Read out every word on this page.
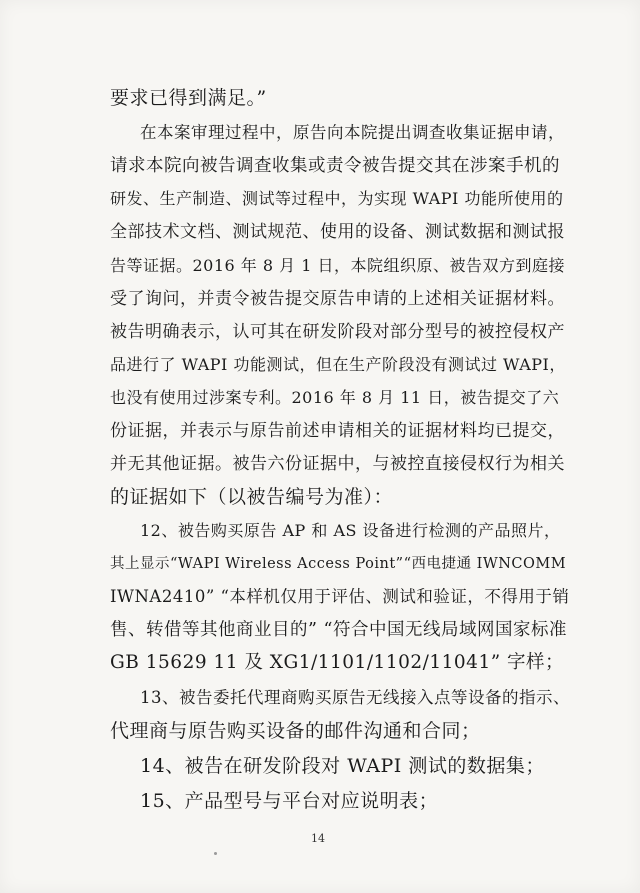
要求已得到满足。”
在本案审理过程中，原告向本院提出调查收集证据申请，
请求本院向被告调查收集或责令被告提交其在涉案手机的
研发、生产制造、测试等过程中，为实现 WAPI 功能所使用的
全部技术文档、测试规范、使用的设备、测试数据和测试报
告等证据。2016 年 8 月 1 日，本院组织原、被告双方到庭接
受了询问，并责令被告提交原告申请的上述相关证据材料。
被告明确表示，认可其在研发阶段对部分型号的被控侵权产
品进行了 WAPI 功能测试，但在生产阶段没有测试过 WAPI，
也没有使用过涉案专利。2016 年 8 月 11 日，被告提交了六
份证据，并表示与原告前述申请相关的证据材料均已提交，
并无其他证据。被告六份证据中，与被控直接侵权行为相关
的证据如下（以被告编号为准）：
12、被告购买原告 AP 和 AS 设备进行检测的产品照片，
其上显示“WAPI Wireless Access Point”“西电捷通 IWNCOMM
IWNA2410” “本样机仅用于评估、测试和验证，不得用于销
售、转借等其他商业目的” “符合中国无线局域网国家标准
GB 15629 11 及 XG1/1101/1102/11041” 字样；
13、被告委托代理商购买原告无线接入点等设备的指示、
代理商与原告购买设备的邮件沟通和合同；
14、被告在研发阶段对 WAPI 测试的数据集；
15、产品型号与平台对应说明表；
14
